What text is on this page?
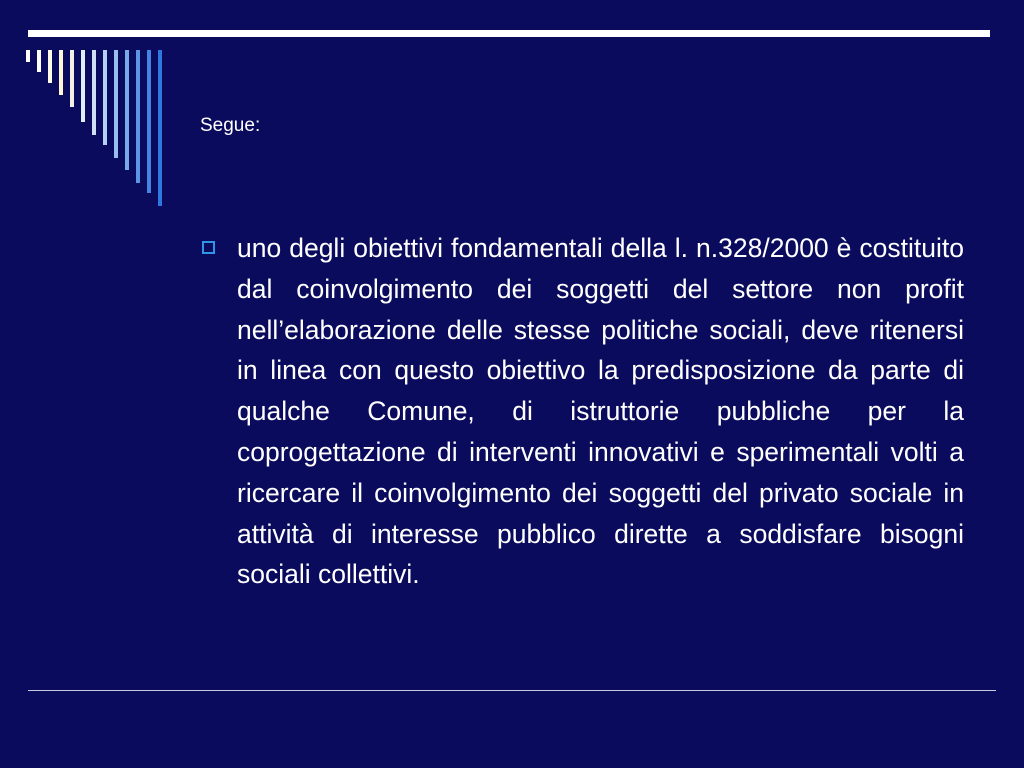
Segue:

uno degli obiettivi fondamentali della l. n.328/2000 è costituito dal coinvolgimento dei soggetti del settore non profit nell’elaborazione delle stesse politiche sociali, deve ritenersi in linea con questo obiettivo la predisposizione da parte di qualche Comune, di istruttorie pubbliche per la coprogettazione di interventi innovativi e sperimentali volti a ricercare il coinvolgimento dei soggetti del privato sociale in attività di interesse pubblico dirette a soddisfare bisogni sociali collettivi.
